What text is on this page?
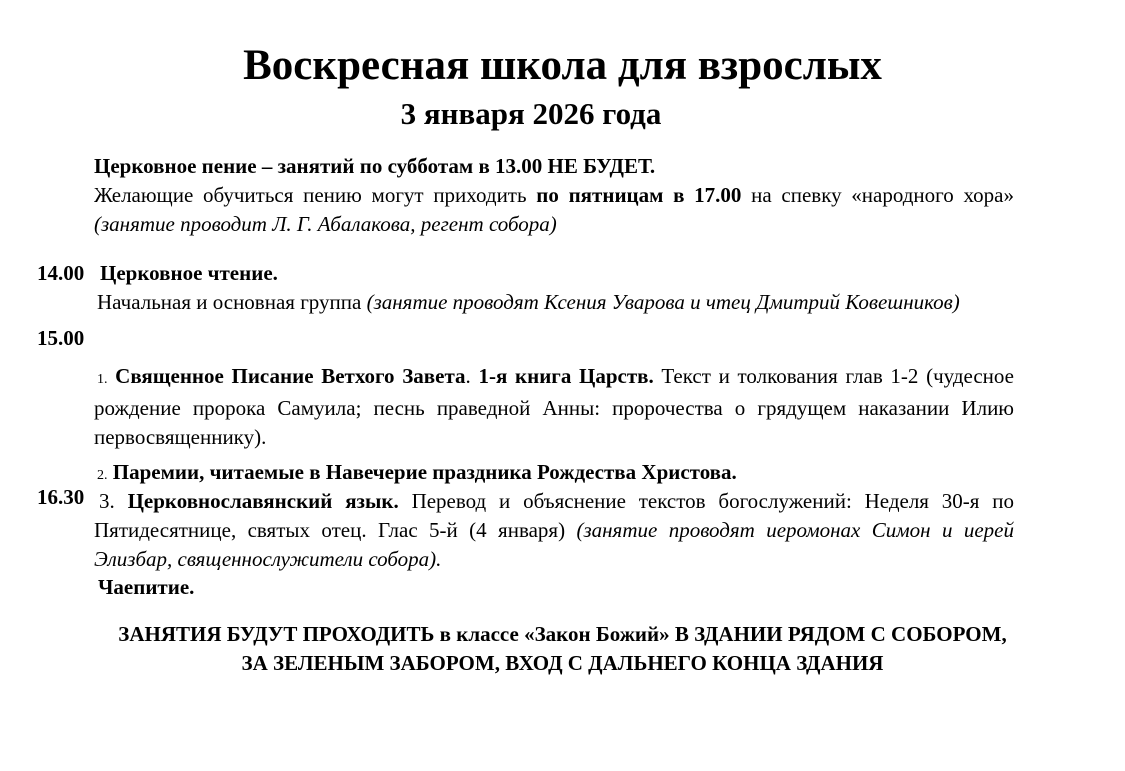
Воскресная школа для взрослых
3 января 2026 года
Церковное пение – занятий по субботам в 13.00 НЕ БУДЕТ.
Желающие обучиться пению могут приходить по пятницам в 17.00 на спевку «народного хора» (занятие проводит Л. Г. Абалакова, регент собора)
14.00 Церковное чтение.
Начальная и основная группа (занятие проводят Ксения Уварова и чтец Дмитрий Ковешников)
15.00
1. Священное Писание Ветхого Завета. 1-я книга Царств. Текст и толкования глав 1-2 (чудесное рождение пророка Самуила; песнь праведной Анны: пророчества о грядущем наказании Илию первосвященнику).
2. Паремии, читаемые в Навечерие праздника Рождества Христова.
16.30 3. Церковнославянский язык. Перевод и объяснение текстов богослужений: Неделя 30-я по Пятидесятнице, святых отец. Глас 5-й (4 января) (занятие проводят иеромонах Симон и иерей Элизбар, священнослужители собора).
Чаепитие.
ЗАНЯТИЯ БУДУТ ПРОХОДИТЬ в классе «Закон Божий» В ЗДАНИИ РЯДОМ С СОБОРОМ,
ЗА ЗЕЛЕНЫМ ЗАБОРОМ, ВХОД С ДАЛЬНЕГО КОНЦА ЗДАНИЯ
